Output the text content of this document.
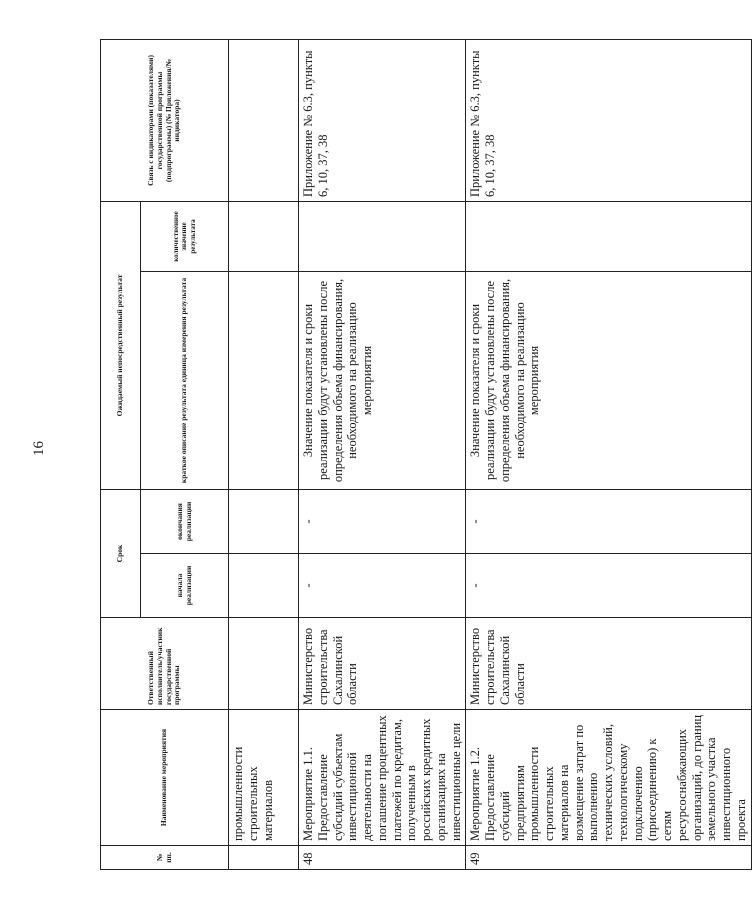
16
№ пп.	Наименование мероприятия	Ответственный исполнитель/участник государственной программы	Срок		Ожидаемый непосредственный результат		Связь с индикаторами (показателями) государственной программы (подпрограммы) (№ Приложения/№ индикатора)
			начала реализации	окончания реализации	краткое описание результата единица измерения результата	количественное значение результата	
	промышленности строительных материалов						
48	Мероприятие 1.1. Предоставление субсидий субъектам инвестиционной деятельности на погашение процентных платежей по кредитам, полученным в российских кредитных организациях на инвестиционные цели	Министерство строительства Сахалинской области	-	-	Значение показателя и сроки реализации будут установлены после определения объема финансирования, необходимого на реализацию мероприятия		Приложение № 6.3, пункты 6, 10, 37, 38
49	Мероприятие 1.2. Предоставление субсидий предприятиям промышленности строительных материалов на возмещение затрат по выполнению технических условий, технологическому подключению (присоединению) к сетям ресурсоснабжающих организаций, до границ земельного участка инвестиционного проекта	Министерство строительства Сахалинской области	-	-	Значение показателя и сроки реализации будут установлены после определения объема финансирования, необходимого на реализацию мероприятия		Приложение № 6.3, пункты 6, 10, 37, 38
